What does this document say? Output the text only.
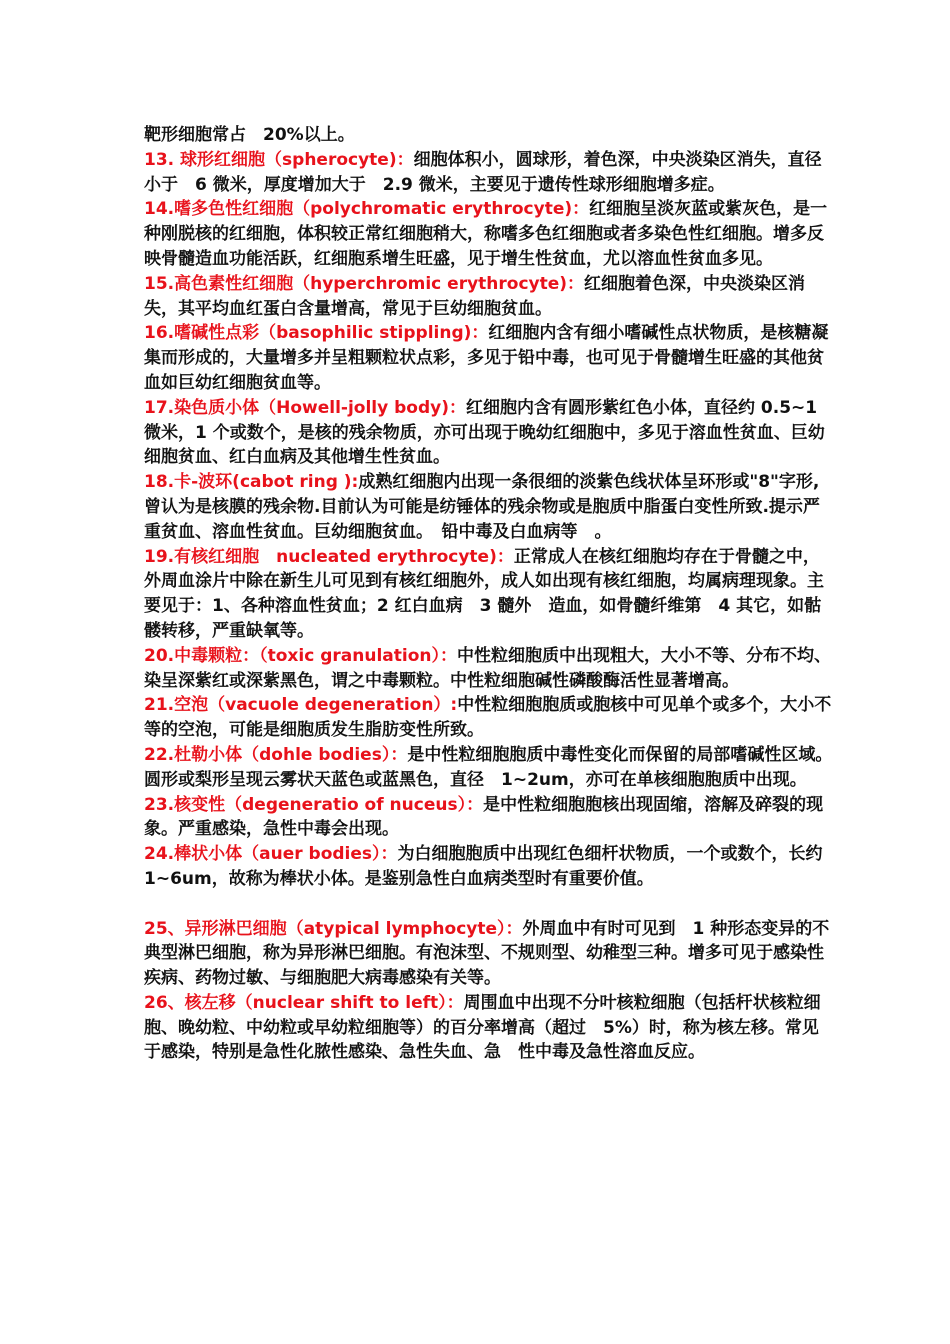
靶形细胞常占　20%以上。

13. 球形红细胞（spherocyte)：细胞体积小，圆球形，着色深，中央淡染区消失，直径小于　6 微米，厚度增加大于　2.9 微米，主要见于遗传性球形细胞增多症。

14.嗜多色性红细胞（polychromatic erythrocyte)：红细胞呈淡灰蓝或紫灰色，是一种刚脱核的红细胞，体积较正常红细胞稍大，称嗜多色红细胞或者多染色性红细胞。增多反映骨髓造血功能活跃，红细胞系增生旺盛，见于增生性贫血，尤以溶血性贫血多见。

15.高色素性红细胞（hyperchromic erythrocyte)：红细胞着色深，中央淡染区消失，其平均血红蛋白含量增高，常见于巨幼细胞贫血。

16.嗜碱性点彩（basophilic stippling)：红细胞内含有细小嗜碱性点状物质，是核糖凝集而形成的，大量增多并呈粗颗粒状点彩，多见于铅中毒，也可见于骨髓增生旺盛的其他贫血如巨幼红细胞贫血等。

17.染色质小体（Howell-jolly body)：红细胞内含有圆形紫红色小体，直径约 0.5~1 微米，1 个或数个，是核的残余物质，亦可出现于晚幼红细胞中，多见于溶血性贫血、巨幼细胞贫血、红白血病及其他增生性贫血。

18.卡-波环(cabot ring ):成熟红细胞内出现一条很细的淡紫色线状体呈环形或"8"字形,曾认为是核膜的残余物.目前认为可能是纺锤体的残余物或是胞质中脂蛋白变性所致.提示严重贫血、溶血性贫血。巨幼细胞贫血。　铅中毒及白血病等　。

19.有核红细胞　nucleated erythrocyte)：正常成人在核红细胞均存在于骨髓之中，外周血涂片中除在新生儿可见到有核红细胞外，成人如出现有核红细胞，均属病理现象。主要见于：1、各种溶血性贫血；2 红白血病　3 髓外　造血，如骨髓纤维第　4 其它，如骷髅转移，严重缺氧等。

20.中毒颗粒：（toxic granulation）：中性粒细胞质中出现粗大，大小不等、分布不均、染呈深紫红或深紫黑色，谓之中毒颗粒。中性粒细胞碱性磷酸酶活性显著增高。

21.空泡（vacuole degeneration）:中性粒细胞胞质或胞核中可见单个或多个，大小不等的空泡，可能是细胞质发生脂肪变性所致。

22.杜勒小体（dohle bodies）：是中性粒细胞胞质中毒性变化而保留的局部嗜碱性区域。圆形或梨形呈现云雾状天蓝色或蓝黑色，直径　1~2um，亦可在单核细胞胞质中出现。

23.核变性（degeneratio of nuceus）：是中性粒细胞胞核出现固缩，溶解及碎裂的现象。严重感染，急性中毒会出现。

24.棒状小体（auer bodies）：为白细胞胞质中出现红色细杆状物质，一个或数个，长约　1~6um，故称为棒状小体。是鉴别急性白血病类型时有重要价值。

25、异形淋巴细胞（atypical lymphocyte）：外周血中有时可见到　1 种形态变异的不典型淋巴细胞，称为异形淋巴细胞。有泡沫型、不规则型、幼稚型三种。增多可见于感染性疾病、药物过敏、与细胞肥大病毒感染有关等。

26、核左移（nuclear shift to left）：周围血中出现不分叶核粒细胞（包括杆状核粒细胞、晚幼粒、中幼粒或早幼粒细胞等）的百分率增高（超过　5%）时，称为核左移。常见于感染，特别是急性化脓性感染、急性失血、急　性中毒及急性溶血反应。
